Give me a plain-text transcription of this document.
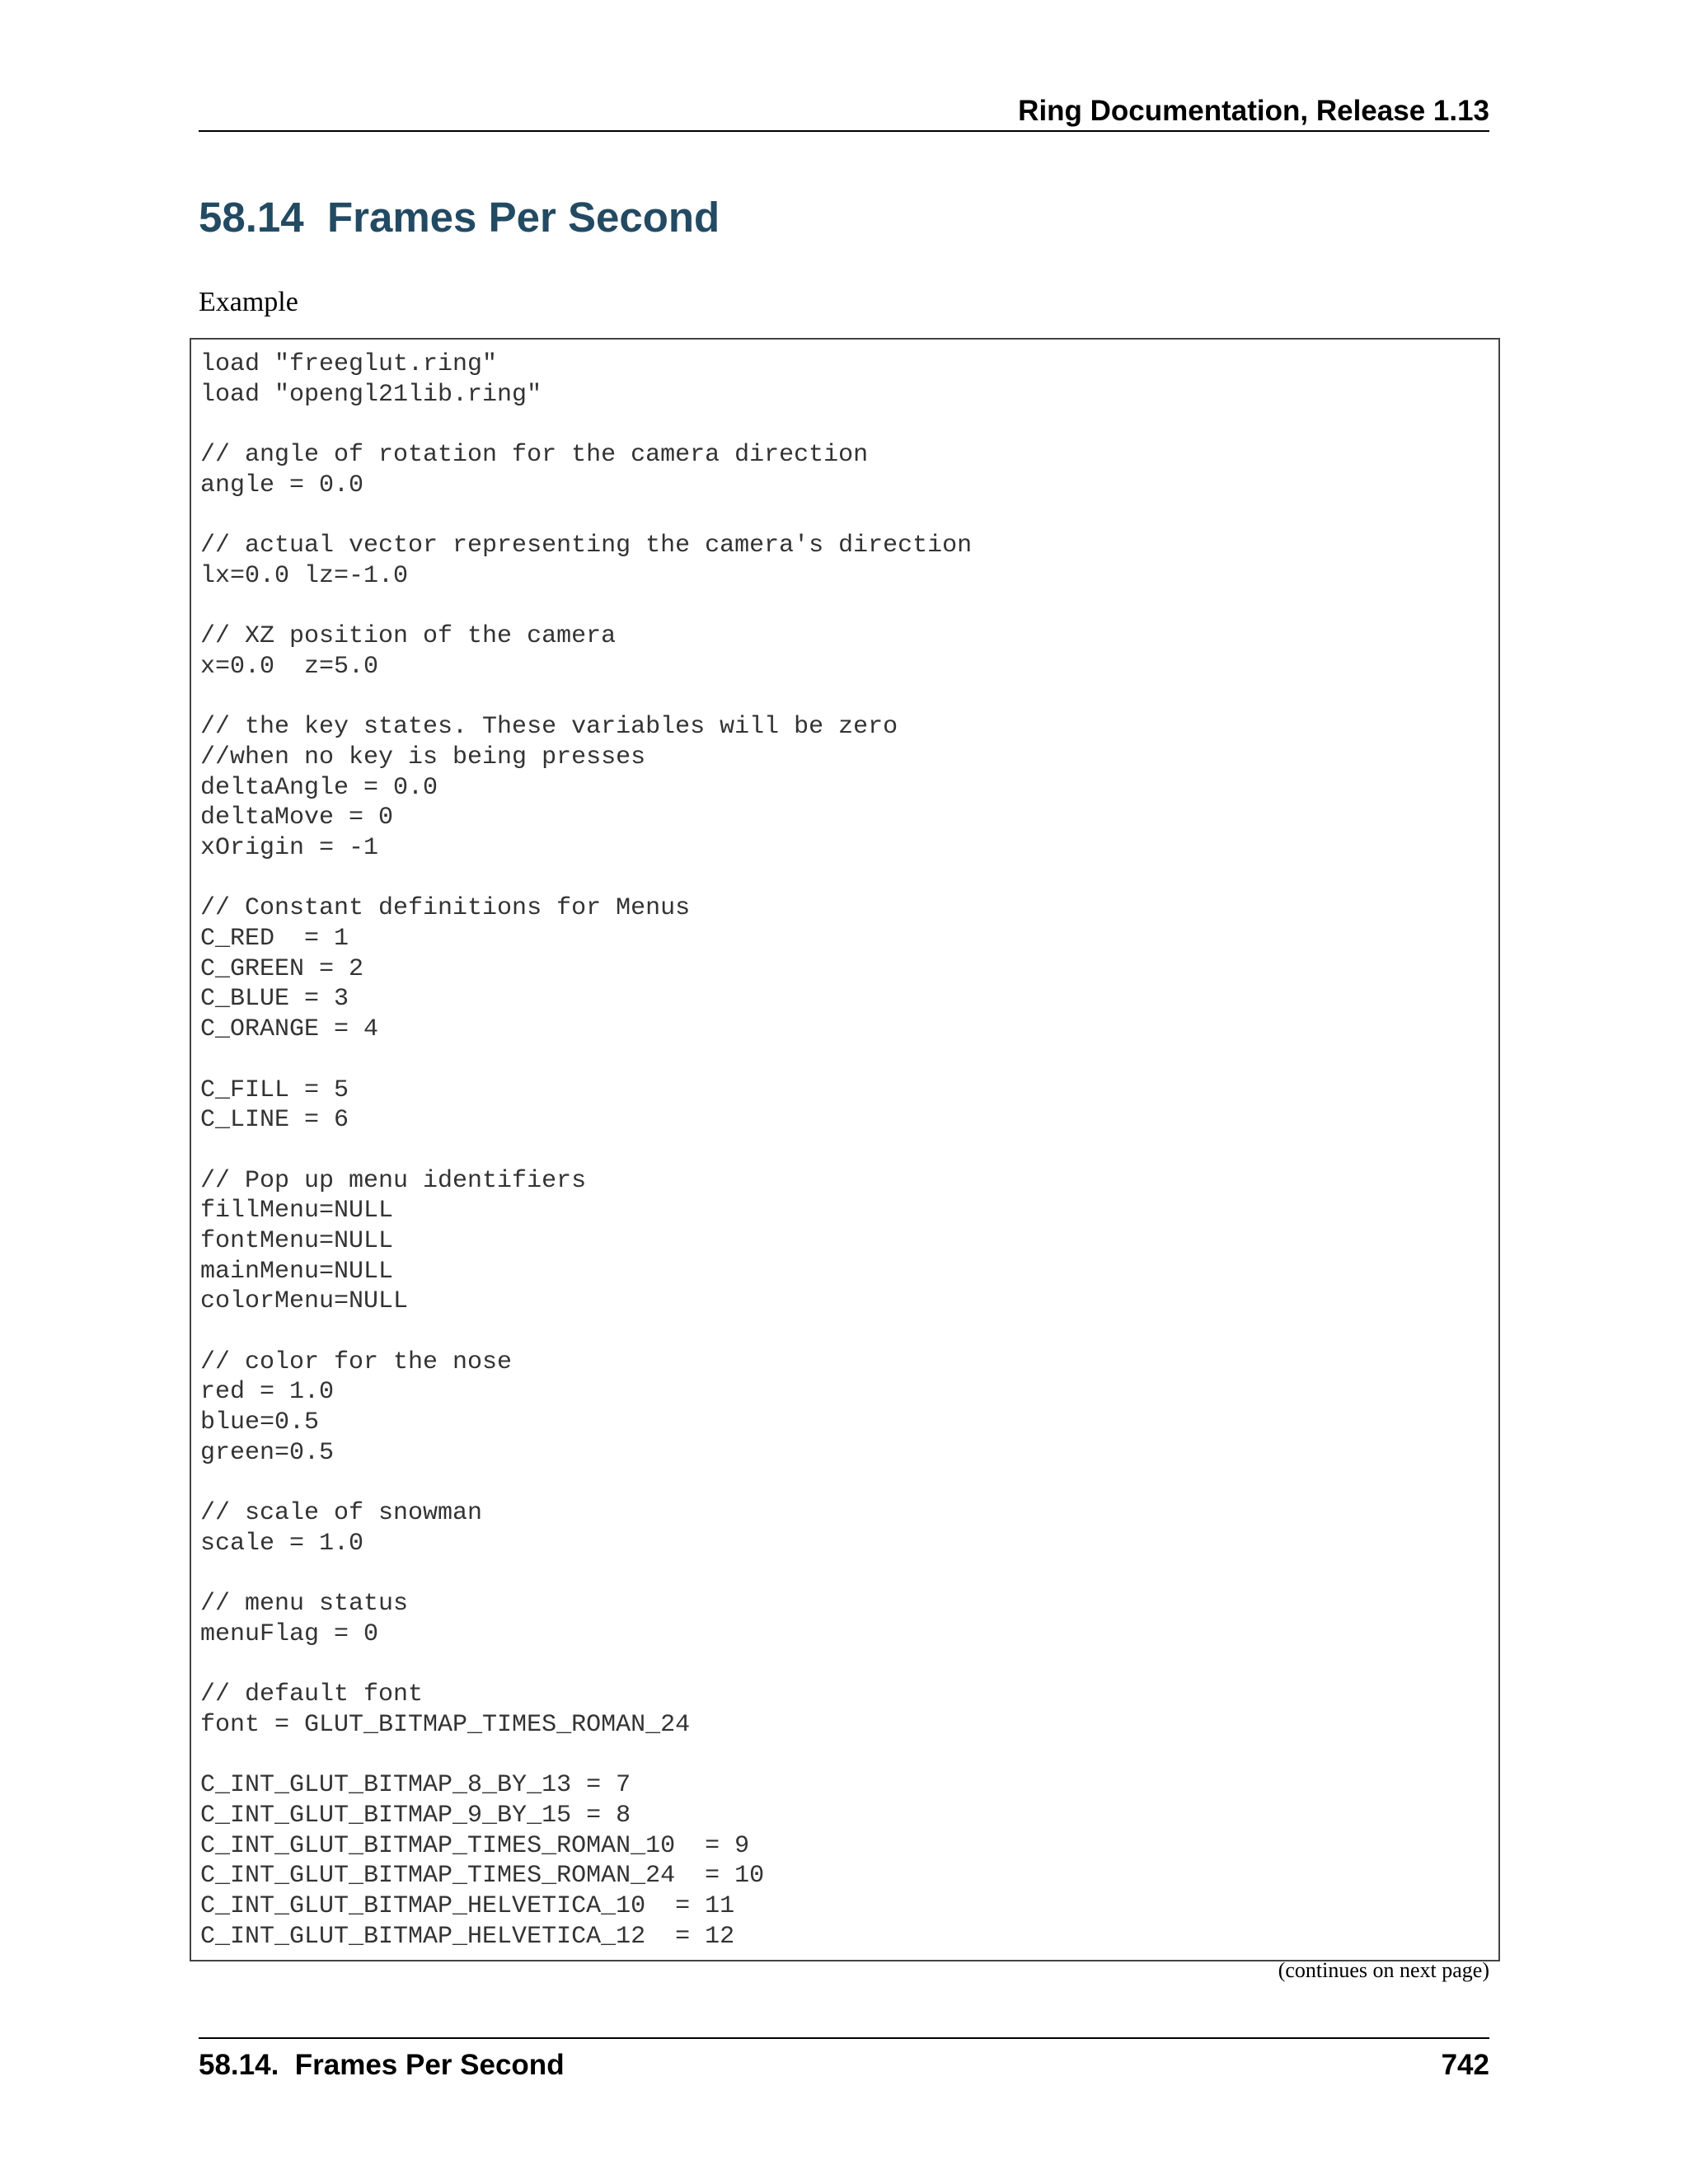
Ring Documentation, Release 1.13
58.14 Frames Per Second
Example
load "freeglut.ring"
load "opengl21lib.ring"
// angle of rotation for the camera direction
angle = 0.0
// actual vector representing the camera's direction
lx=0.0 lz=-1.0
// XZ position of the camera
x=0.0  z=5.0
// the key states. These variables will be zero
//when no key is being presses
deltaAngle = 0.0
deltaMove = 0
xOrigin = -1
// Constant definitions for Menus
C_RED  = 1
C_GREEN = 2
C_BLUE = 3
C_ORANGE = 4
C_FILL = 5
C_LINE = 6
// Pop up menu identifiers
fillMenu=NULL
fontMenu=NULL
mainMenu=NULL
colorMenu=NULL
// color for the nose
red = 1.0
blue=0.5
green=0.5
// scale of snowman
scale = 1.0
// menu status
menuFlag = 0
// default font
font = GLUT_BITMAP_TIMES_ROMAN_24
C_INT_GLUT_BITMAP_8_BY_13 = 7
C_INT_GLUT_BITMAP_9_BY_15 = 8
C_INT_GLUT_BITMAP_TIMES_ROMAN_10  = 9
C_INT_GLUT_BITMAP_TIMES_ROMAN_24  = 10
C_INT_GLUT_BITMAP_HELVETICA_10  = 11
C_INT_GLUT_BITMAP_HELVETICA_12  = 12
(continues on next page)
58.14.  Frames Per Second	742
